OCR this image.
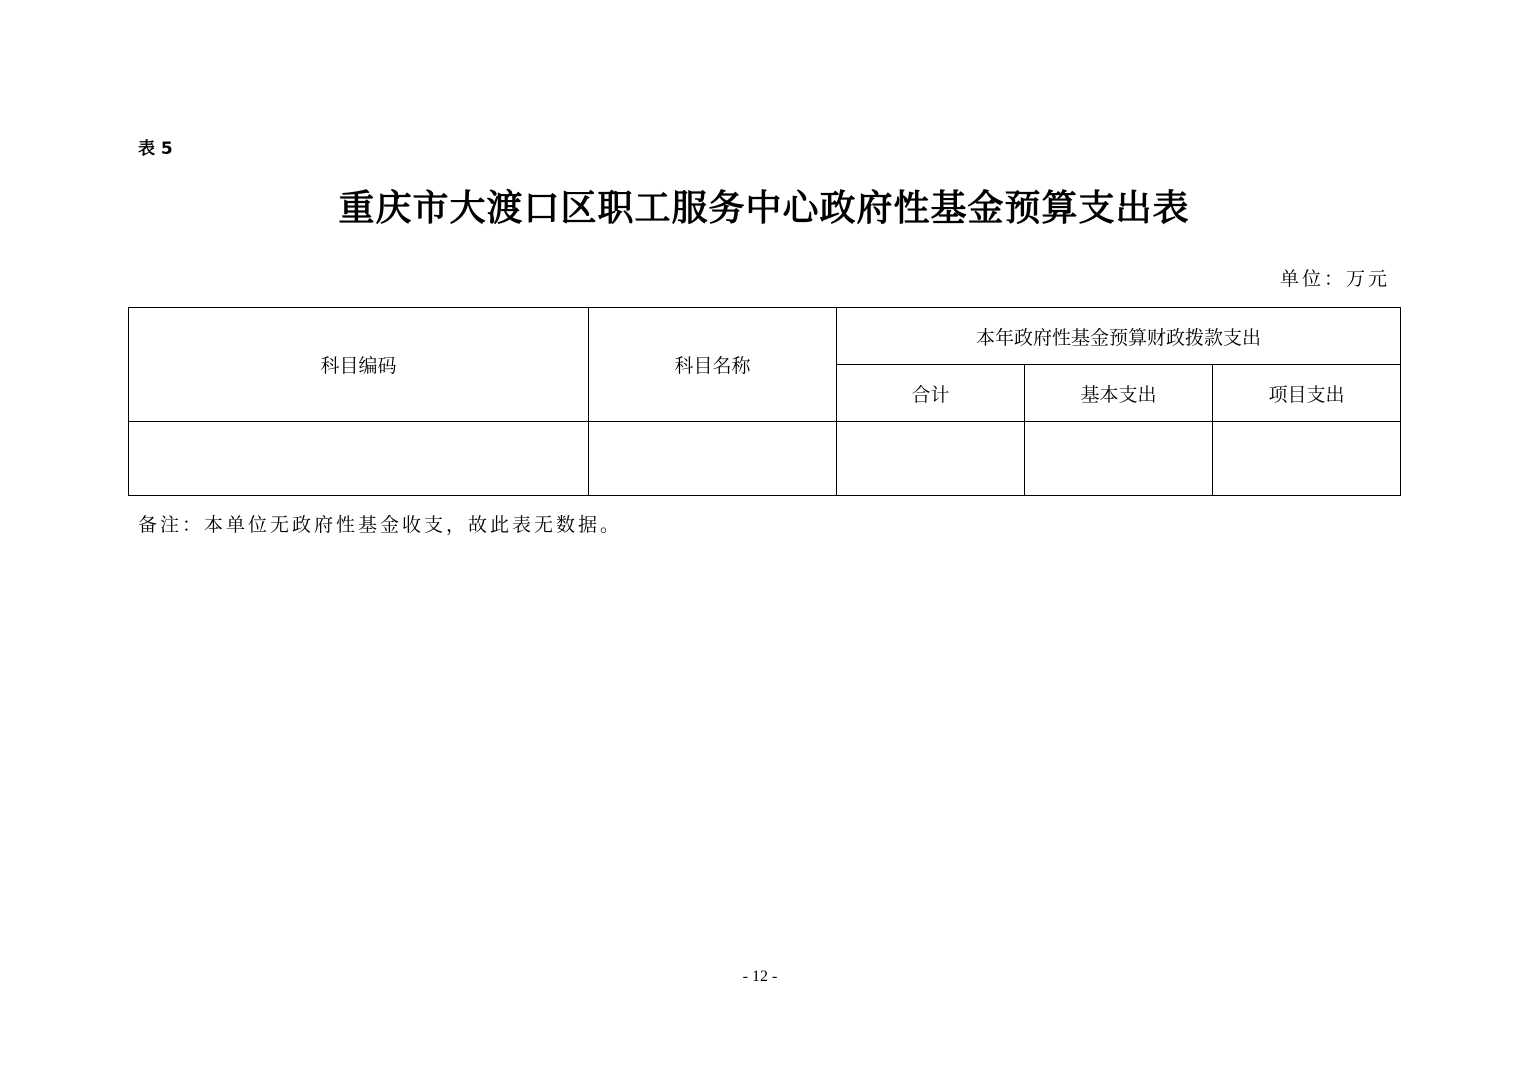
表 5
重庆市大渡口区职工服务中心政府性基金预算支出表
单位：万元
科目编码	科目名称	本年政府性基金预算财政拨款支出		
		合计	基本支出	项目支出

备注：本单位无政府性基金收支，故此表无数据。
- 12 -
